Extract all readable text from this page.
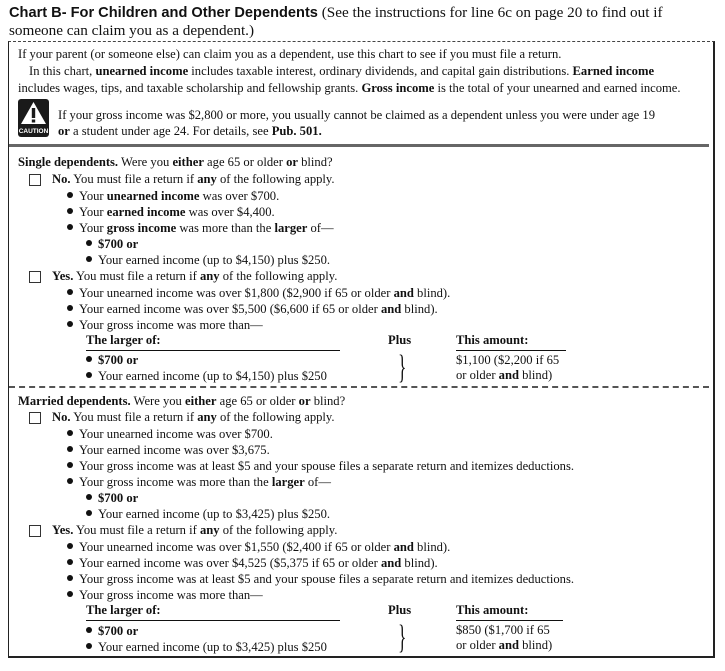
Chart B- For Children and Other Dependents (See the instructions for line 6c on page 20 to find out if
someone can claim you as a dependent.)
If your parent (or someone else) can claim you as a dependent, use this chart to see if you must file a return.
In this chart, unearned income includes taxable interest, ordinary dividends, and capital gain distributions. Earned income
includes wages, tips, and taxable scholarship and fellowship grants. Gross income is the total of your unearned and earned income.
CAUTION
If your gross income was $2,800 or more, you usually cannot be claimed as a dependent unless you were under age 19
or a student under age 24. For details, see Pub. 501.
Single dependents. Were you either age 65 or older or blind?
No. You must file a return if any of the following apply.
Your unearned income was over $700.
Your earned income was over $4,400.
Your gross income was more than the larger of—
$700 or
Your earned income (up to $4,150) plus $250.
Yes. You must file a return if any of the following apply.
Your unearned income was over $1,800 ($2,900 if 65 or older and blind).
Your earned income was over $5,500 ($6,600 if 65 or older and blind).
Your gross income was more than—
The larger of:	Plus	This amount:
$700 or
Your earned income (up to $4,150) plus $250 }	$1,100 ($2,200 if 65
or older and blind)
Married dependents. Were you either age 65 or older or blind?
No. You must file a return if any of the following apply.
Your unearned income was over $700.
Your earned income was over $3,675.
Your gross income was at least $5 and your spouse files a separate return and itemizes deductions.
Your gross income was more than the larger of—
$700 or
Your earned income (up to $3,425) plus $250.
Yes. You must file a return if any of the following apply.
Your unearned income was over $1,550 ($2,400 if 65 or older and blind).
Your earned income was over $4,525 ($5,375 if 65 or older and blind).
Your gross income was at least $5 and your spouse files a separate return and itemizes deductions.
Your gross income was more than—
The larger of:	Plus	This amount:
$700 or
Your earned income (up to $3,425) plus $250 }	$850 ($1,700 if 65
or older and blind)
